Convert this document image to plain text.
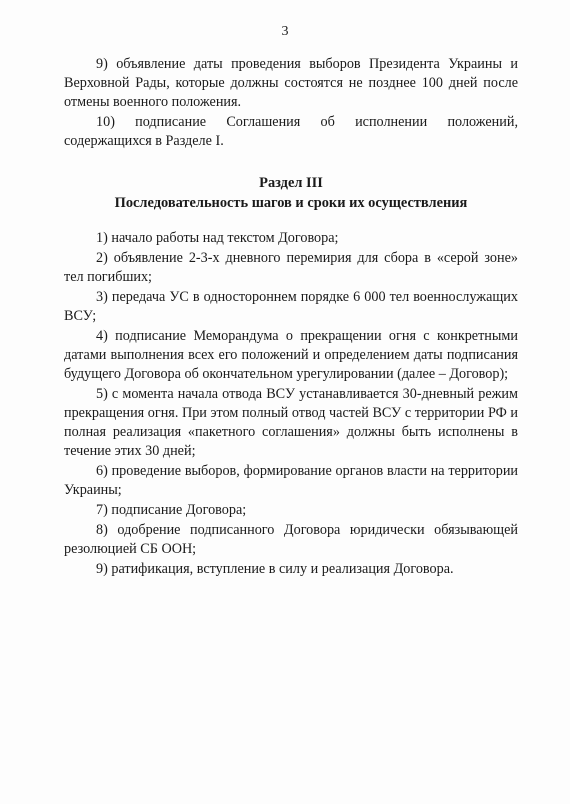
3

9) объявление даты проведения выборов Президента Украины и Верховной Рады, которые должны состоятся не позднее 100 дней после отмены военного положения.

10) подписание Соглашения об исполнении положений, содержащихся в Разделе I.

Раздел III
Последовательность шагов и сроки их осуществления

1) начало работы над текстом Договора;

2) объявление 2-3-х дневного перемирия для сбора в «серой зоне» тел погибших;

3) передача УС в одностороннем порядке 6 000 тел военнослужащих ВСУ;

4) подписание Меморандума о прекращении огня с конкретными датами выполнения всех его положений и определением даты подписания будущего Договора об окончательном урегулировании (далее – Договор);

5) с момента начала отвода ВСУ устанавливается 30-дневный режим прекращения огня. При этом полный отвод частей ВСУ с территории РФ и полная реализация «пакетного соглашения» должны быть исполнены в течение этих 30 дней;

6) проведение выборов, формирование органов власти на территории Украины;

7) подписание Договора;

8) одобрение подписанного Договора юридически обязывающей резолюцией СБ ООН;

9) ратификация, вступление в силу и реализация Договора.
